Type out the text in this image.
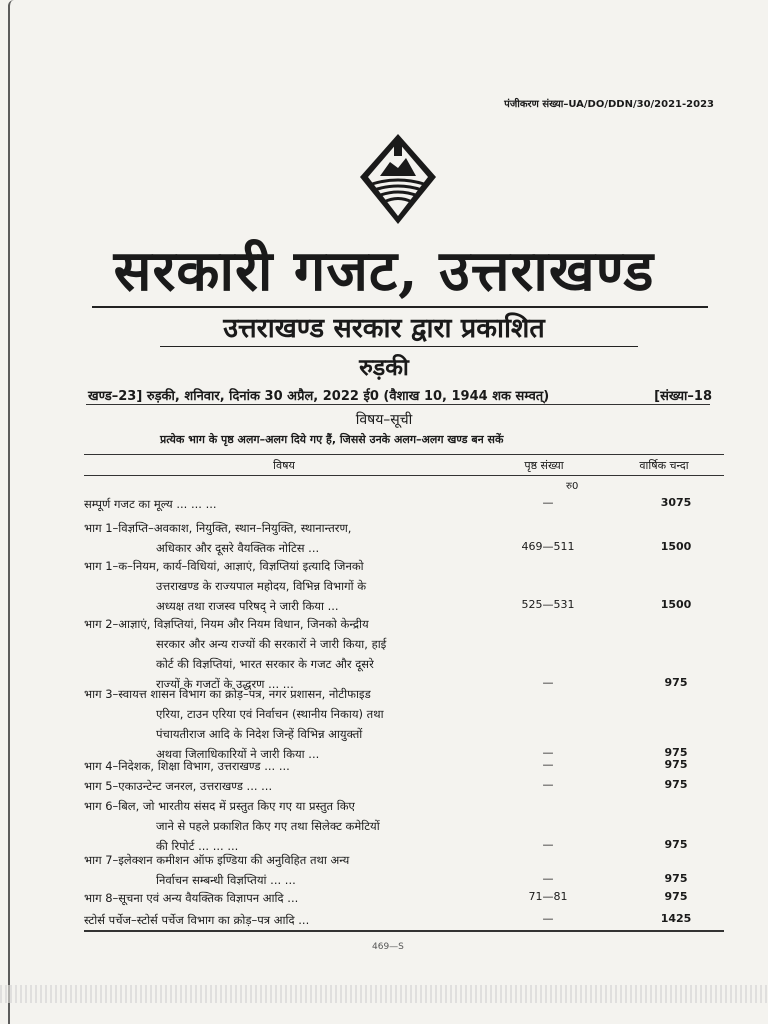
पंजीकरण संख्या–UA/DO/DDN/30/2021-2023
सरकारी गजट, उत्तराखण्ड
उत्तराखण्ड सरकार द्वारा प्रकाशित
रुड़की
खण्ड–23] रुड़की, शनिवार, दिनांक 30 अप्रैल, 2022 ई0 (वैशाख 10, 1944 शक सम्वत्)	[संख्या–18
विषय–सूची
प्रत्येक भाग के पृष्ठ अलग–अलग दिये गए हैं, जिससे उनके अलग–अलग खण्ड बन सकें
विषय	पृष्ठ संख्या	वार्षिक चन्दा
रु0
सम्पूर्ण गजट का मूल्य ... ... ...	—	3075
भाग 1–विज्ञप्ति–अवकाश, नियुक्ति, स्थान–नियुक्ति, स्थानान्तरण,
अधिकार और दूसरे वैयक्तिक नोटिस ...	469—511	1500
भाग 1–क–नियम, कार्य–विधियां, आज्ञाएं, विज्ञप्तियां इत्यादि जिनको
उत्तराखण्ड के राज्यपाल महोदय, विभिन्न विभागों के
अध्यक्ष तथा राजस्व परिषद् ने जारी किया ...	525—531	1500
भाग 2–आज्ञाएं, विज्ञप्तियां, नियम और नियम विधान, जिनको केन्द्रीय
सरकार और अन्य राज्यों की सरकारों ने जारी किया, हाई
कोर्ट की विज्ञप्तियां, भारत सरकार के गजट और दूसरे
राज्यों के गजटों के उद्धरण ... ...	—	975
भाग 3–स्वायत्त शासन विभाग का क्रोड़–पत्र, नगर प्रशासन, नोटीफाइड
एरिया, टाउन एरिया एवं निर्वाचन (स्थानीय निकाय) तथा
पंचायतीराज आदि के निदेश जिन्हें विभिन्न आयुक्तों
अथवा जिलाधिकारियों ने जारी किया ...	—	975
भाग 4–निदेशक, शिक्षा विभाग, उत्तराखण्ड ... ...	—	975
भाग 5–एकाउन्टेन्ट जनरल, उत्तराखण्ड ... ...	—	975
भाग 6–बिल, जो भारतीय संसद में प्रस्तुत किए गए या प्रस्तुत किए
जाने से पहले प्रकाशित किए गए तथा सिलेक्ट कमेटियों
की रिपोर्ट ... ... ...	—	975
भाग 7–इलेक्शन कमीशन ऑफ इण्डिया की अनुविहित तथा अन्य
निर्वाचन सम्बन्धी विज्ञप्तियां ... ...	—	975
भाग 8–सूचना एवं अन्य वैयक्तिक विज्ञापन आदि ...	71—81	975
स्टोर्स पर्चेज–स्टोर्स पर्चेज विभाग का क्रोड़–पत्र आदि ...	—	1425
469—S
